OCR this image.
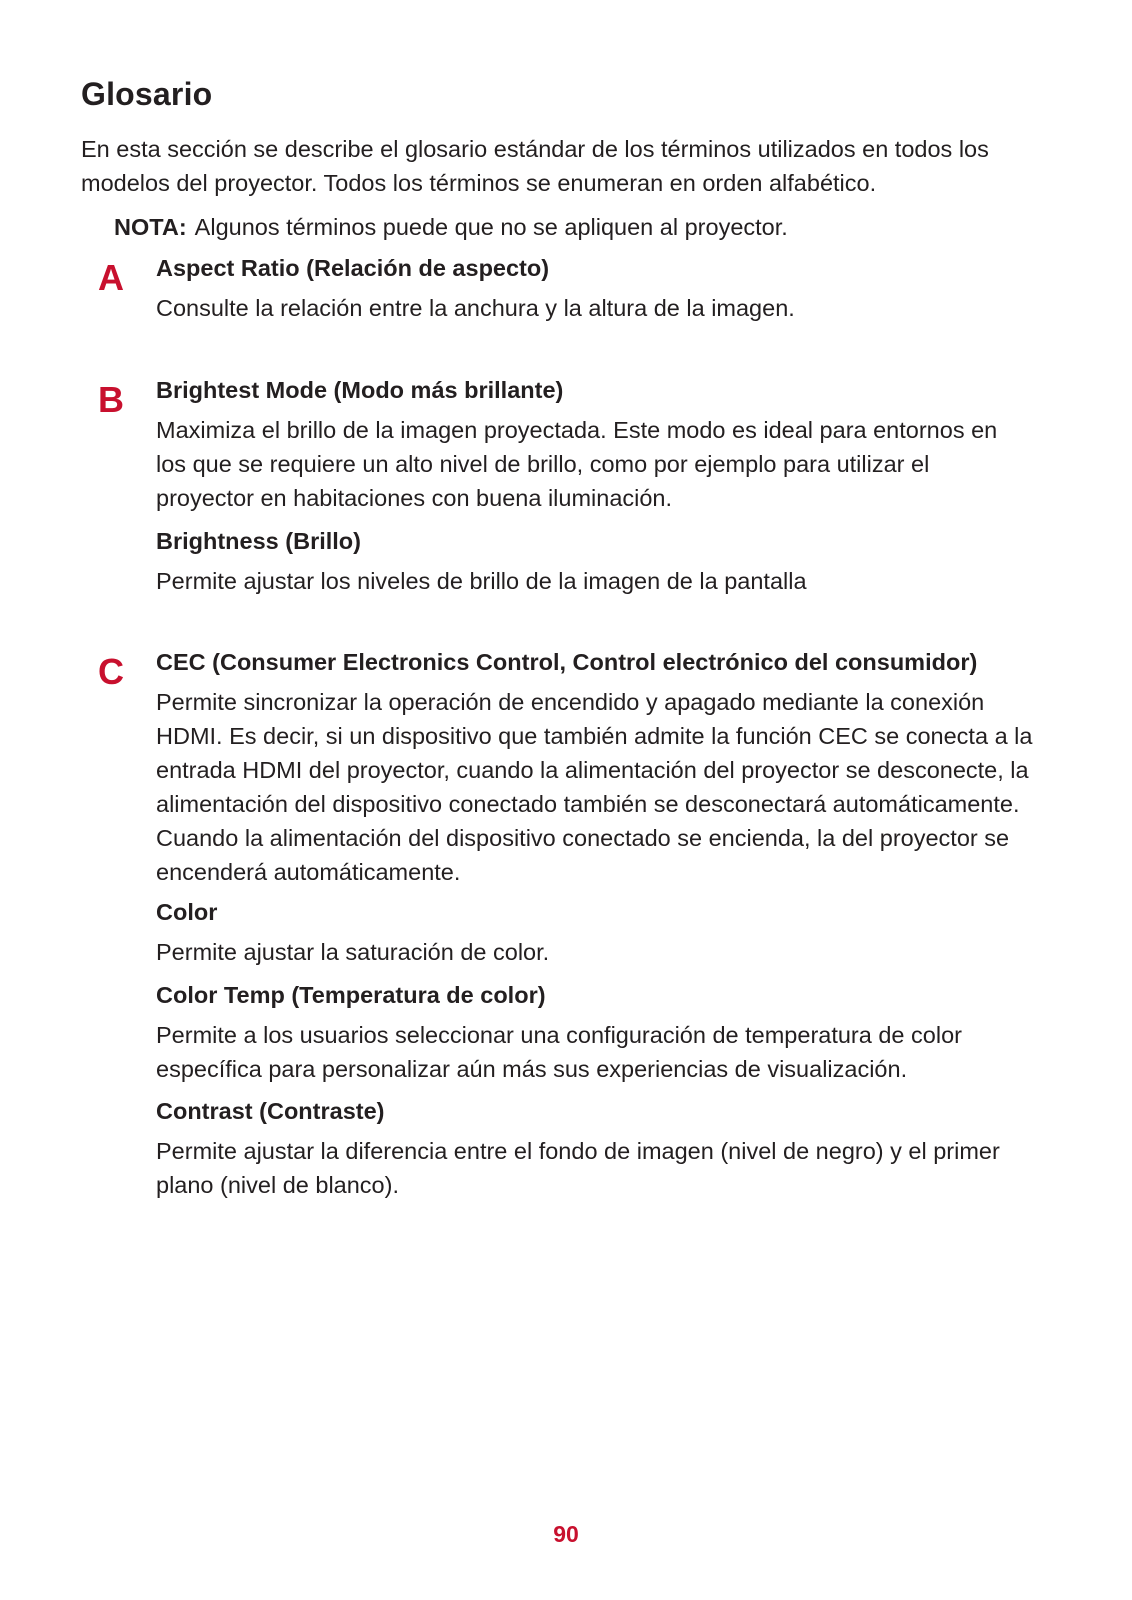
Glosario

En esta sección se describe el glosario estándar de los términos utilizados en todos los modelos del proyector. Todos los términos se enumeran en orden alfabético.

NOTA: Algunos términos puede que no se apliquen al proyector.

A Aspect Ratio (Relación de aspecto)

Consulte la relación entre la anchura y la altura de la imagen.

B Brightest Mode (Modo más brillante)

Maximiza el brillo de la imagen proyectada. Este modo es ideal para entornos en los que se requiere un alto nivel de brillo, como por ejemplo para utilizar el proyector en habitaciones con buena iluminación.

Brightness (Brillo)

Permite ajustar los niveles de brillo de la imagen de la pantalla

C CEC (Consumer Electronics Control, Control electrónico del consumidor)

Permite sincronizar la operación de encendido y apagado mediante la conexión HDMI. Es decir, si un dispositivo que también admite la función CEC se conecta a la entrada HDMI del proyector, cuando la alimentación del proyector se desconecte, la alimentación del dispositivo conectado también se desconectará automáticamente. Cuando la alimentación del dispositivo conectado se encienda, la del proyector se encenderá automáticamente.

Color

Permite ajustar la saturación de color.

Color Temp (Temperatura de color)

Permite a los usuarios seleccionar una configuración de temperatura de color específica para personalizar aún más sus experiencias de visualización.

Contrast (Contraste)

Permite ajustar la diferencia entre el fondo de imagen (nivel de negro) y el primer plano (nivel de blanco).

90
